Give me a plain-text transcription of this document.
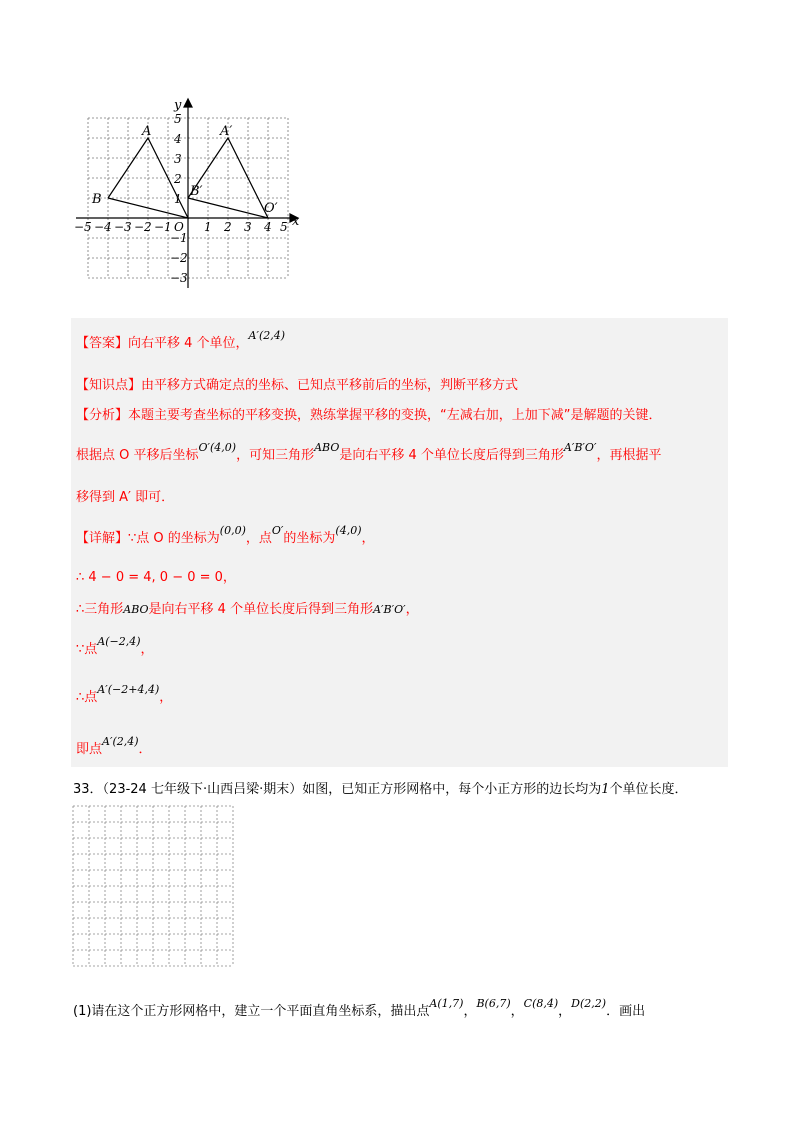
y
x
A	A′
B
B′
O′
−5 −4 −3 −2 −1 O 1 2 3 4 5
5
4
3
2
1
−1
−2
−3
【答案】向右平移 4 个单位，$^{A'(2,4)}$
【知识点】由平移方式确定点的坐标、已知点平移前后的坐标，判断平移方式
【分析】本题主要考查坐标的平移变换，熟练掌握平移的变换，“左减右加，上加下减”是解题的关键．
根据点 O 平移后坐标$^{O'(4,0)}$，可知三角形$^{ABO}$是向右平移 4 个单位长度后得到三角形$^{A'B'O'}$，再根据平
移得到 A′ 即可．
【详解】∵点 O 的坐标为$^{(0,0)}$，点$^{O'}$的坐标为$^{(4,0)}$，
∴ 4 − 0 = 4, 0 − 0 = 0，
∴三角形ABO是向右平移 4 个单位长度后得到三角形A′B′O′，
∵点$^{A(-2,4)}$，
∴点$^{A'(-2+4,4)}$，
即点$^{A'(2,4)}$．
33．（23-24 七年级下·山西吕梁·期末）如图，已知正方形网格中，每个小正方形的边长均为1个单位长度．
(1)请在这个正方形网格中，建立一个平面直角坐标系，描出点$^{A(1,7)}$，$^{B(6,7)}$，$^{C(8,4)}$，$^{D(2,2)}$．画出
